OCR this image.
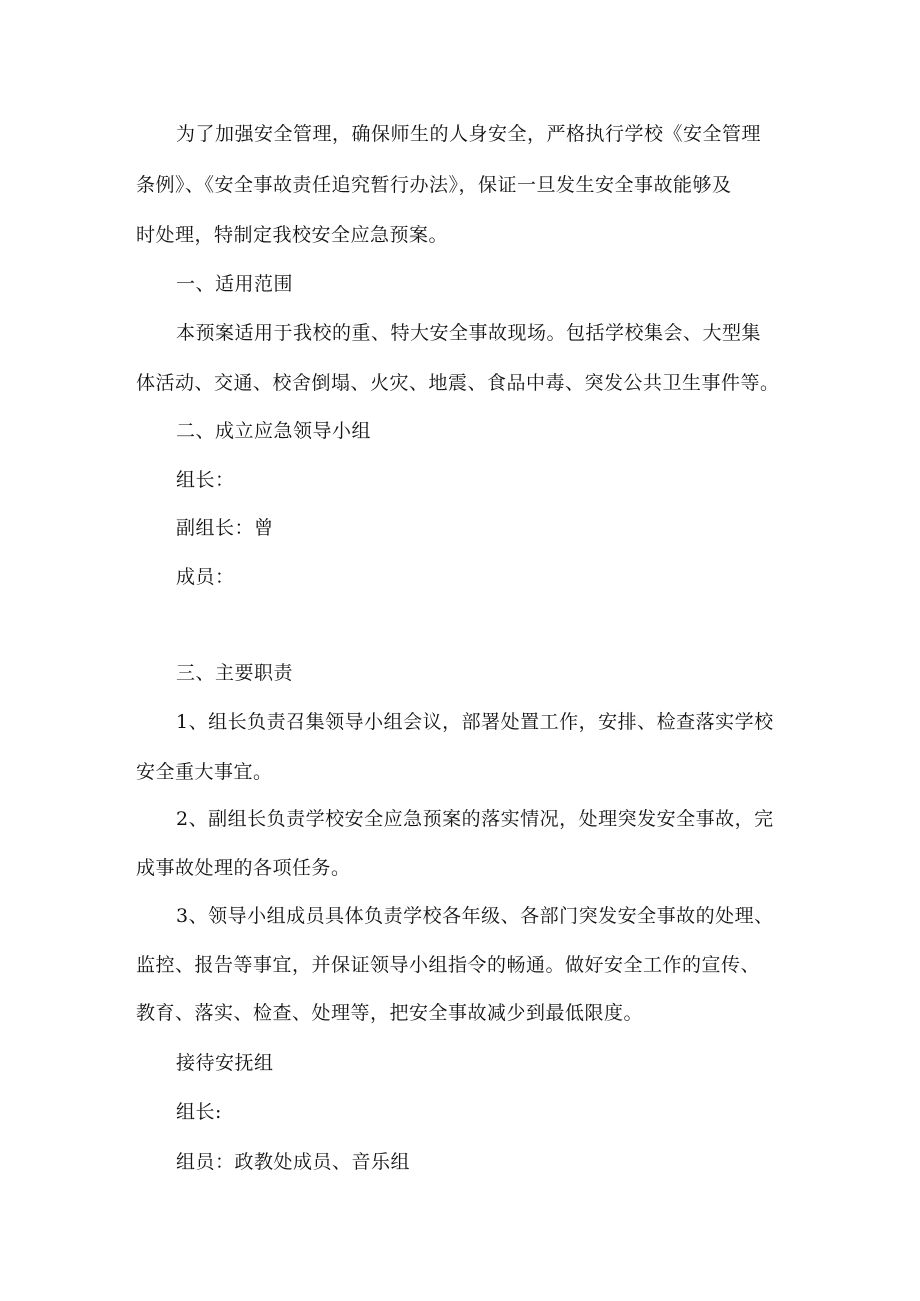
为了加强安全管理，确保师生的人身安全，严格执行学校《安全管理

条例》、《安全事故责任追究暂行办法》，保证一旦发生安全事故能够及

时处理，特制定我校安全应急预案。

一、适用范围

本预案适用于我校的重、特大安全事故现场。包括学校集会、大型集

体活动、交通、校舍倒塌、火灾、地震、食品中毒、突发公共卫生事件等。

二、成立应急领导小组

组长：

副组长：曾

成员：

三、主要职责

1、组长负责召集领导小组会议，部署处置工作，安排、检查落实学校

安全重大事宜。

2、副组长负责学校安全应急预案的落实情况，处理突发安全事故，完

成事故处理的各项任务。

3、领导小组成员具体负责学校各年级、各部门突发安全事故的处理、

监控、报告等事宜，并保证领导小组指令的畅通。做好安全工作的宣传、

教育、落实、检查、处理等，把安全事故减少到最低限度。

接待安抚组

组长:

组员：政教处成员、音乐组
